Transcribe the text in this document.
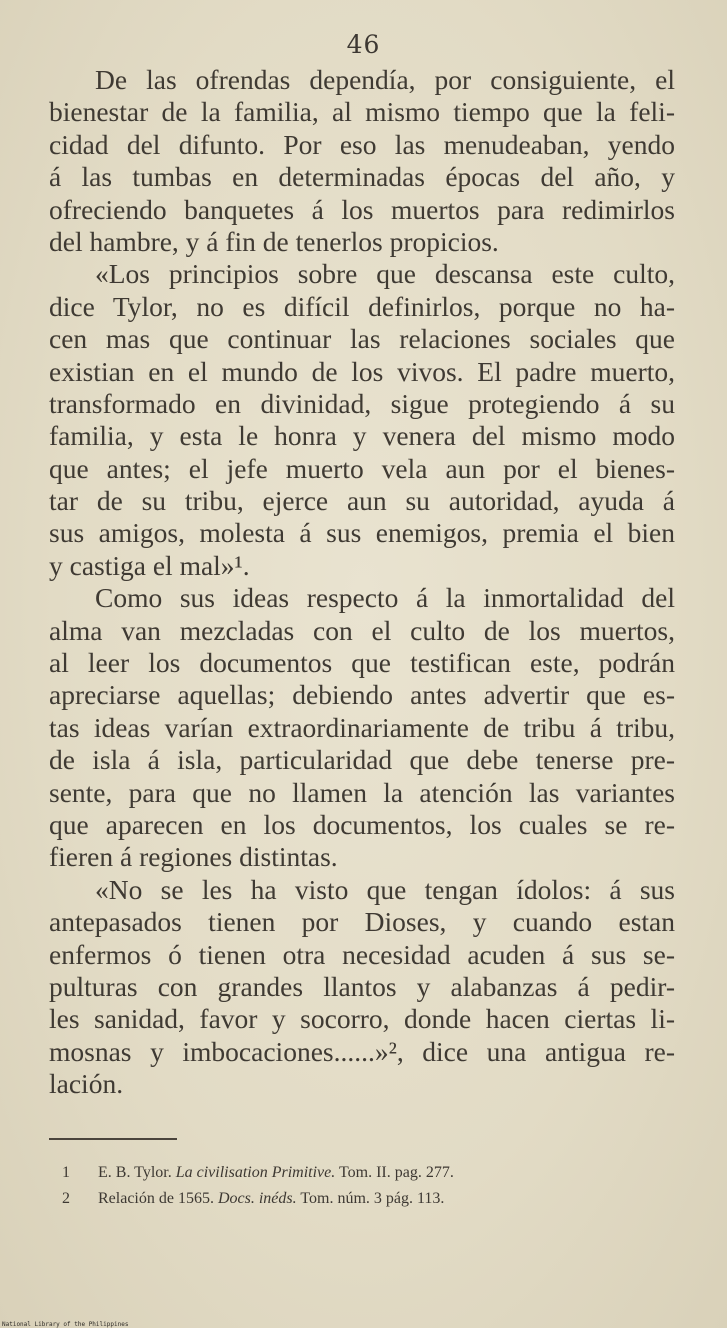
46
De las ofrendas dependía, por consiguiente, el
bienestar de la familia, al mismo tiempo que la feli-
cidad del difunto. Por eso las menudeaban, yendo
á las tumbas en determinadas épocas del año, y
ofreciendo banquetes á los muertos para redimirlos
del hambre, y á fin de tenerlos propicios.
«Los principios sobre que descansa este culto,
dice Tylor, no es difícil definirlos, porque no ha-
cen mas que continuar las relaciones sociales que
existian en el mundo de los vivos. El padre muerto,
transformado en divinidad, sigue protegiendo á su
familia, y esta le honra y venera del mismo modo
que antes; el jefe muerto vela aun por el bienes-
tar de su tribu, ejerce aun su autoridad, ayuda á
sus amigos, molesta á sus enemigos, premia el bien
y castiga el mal»¹.
Como sus ideas respecto á la inmortalidad del
alma van mezcladas con el culto de los muertos,
al leer los documentos que testifican este, podrán
apreciarse aquellas; debiendo antes advertir que es-
tas ideas varían extraordinariamente de tribu á tribu,
de isla á isla, particularidad que debe tenerse pre-
sente, para que no llamen la atención las variantes
que aparecen en los documentos, los cuales se re-
fieren á regiones distintas.
«No se les ha visto que tengan ídolos: á sus
antepasados tienen por Dioses, y cuando estan
enfermos ó tienen otra necesidad acuden á sus se-
pulturas con grandes llantos y alabanzas á pedir-
les sanidad, favor y socorro, donde hacen ciertas li-
mosnas y imbocaciones......»², dice una antigua re-
lación.
1 E. B. Tylor. La civilisation Primitive. Tom. II. pag. 277.
2 Relación de 1565. Docs. inéds. Tom. núm. 3 pág. 113.
National Library of the Philippines
